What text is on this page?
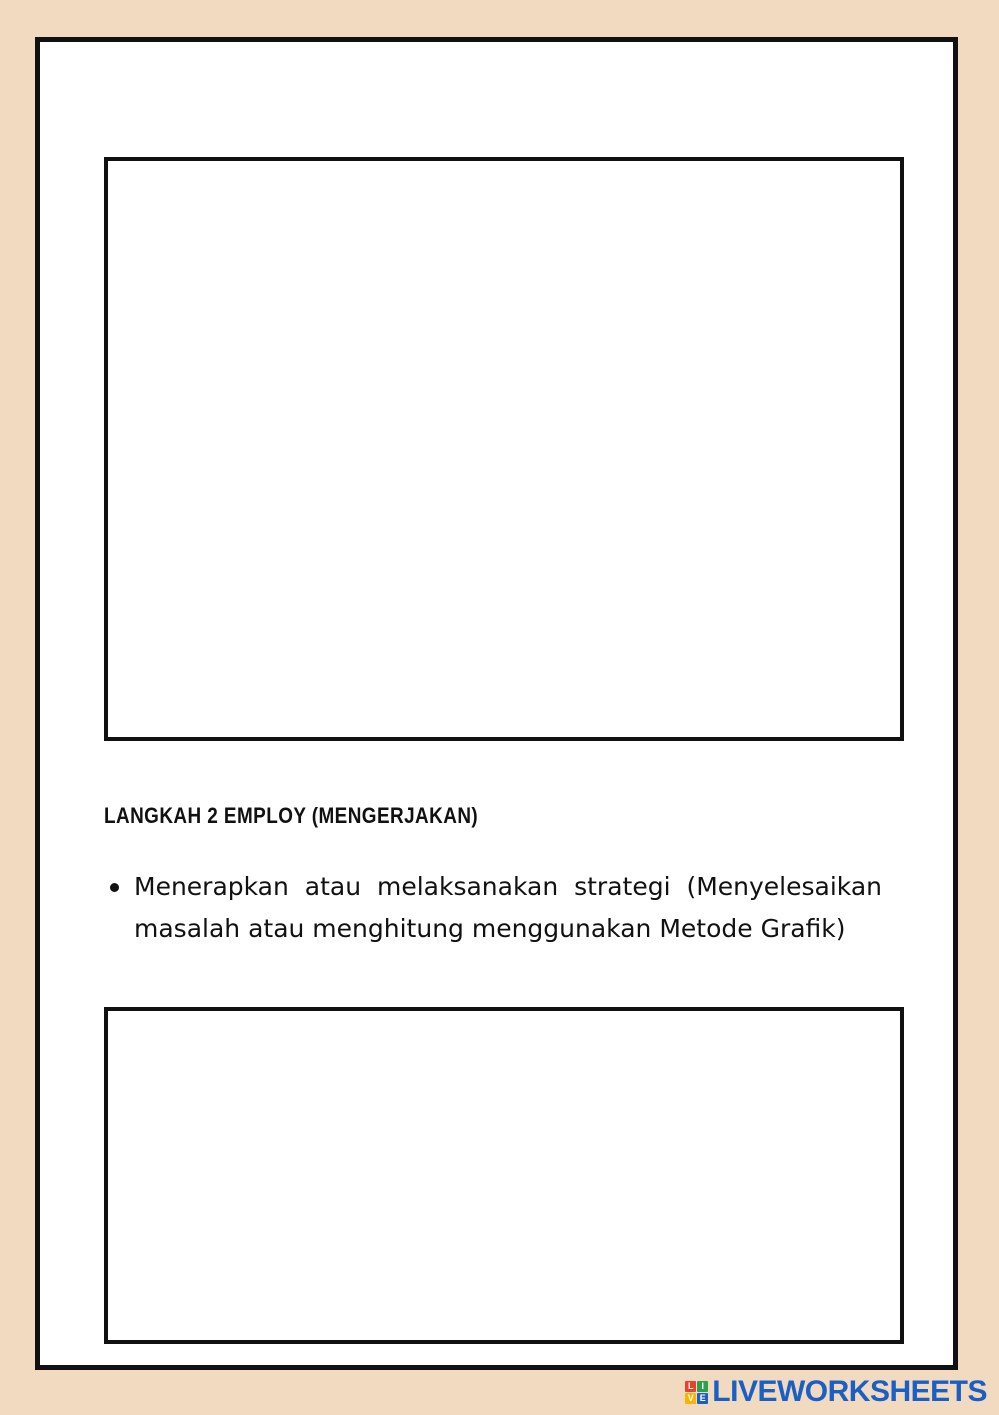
LANGKAH 2 EMPLOY (MENGERJAKAN)
Menerapkan atau melaksanakan strategi (Menyelesaikan masalah atau menghitung menggunakan Metode Grafik)
L I
V E LIVEWORKSHEETS
